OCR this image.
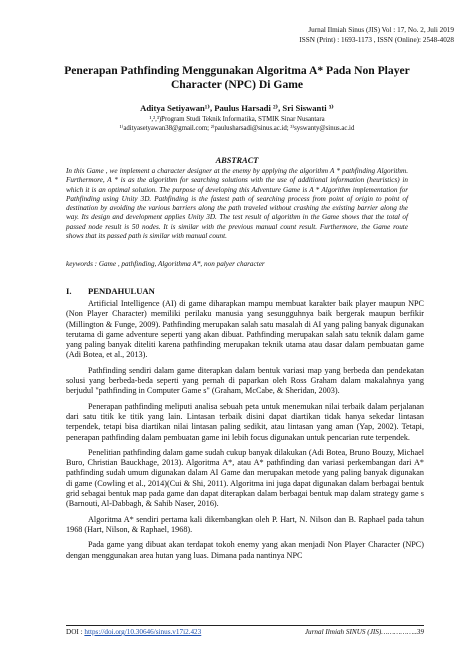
Jurnal Ilmiah Sinus (JIS) Vol : 17, No. 2, Juli 2019
ISSN (Print) : 1693-1173 , ISSN (Online): 2548-4028
Penerapan Pathfinding Menggunakan Algoritma A* Pada Non Player
Character (NPC) Di Game
Aditya Setiyawan¹⁾, Paulus Harsadi ²⁾, Sri Siswanti ³⁾
¹,²,³)Program Studi Teknik Informatika, STMIK Sinar Nusantara
¹⁾adityasetyawan38@gmail.com; ²⁾paulusharsadi@sinus.ac.id; ³⁾syswanty@sinus.ac.id
ABSTRACT
In this Game , we implement a character designer at the enemy by applying the algorithm A * pathfinding Algorithm. Furthermore, A * is as the algorithm for searching solutions with the use of additional information (heuristics) in which it is an optimal solution. The purpose of developing this Adventure Game is A * Algorithm implementation for Pathfinding using Unity 3D. Pathfinding is the fastest path of searching process from point of origin to point of destination by avoiding the various barriers along the path traveled without crashing the existing barrier along the way. Its design and development applies Unity 3D. The test result of algorithm in the Game shows that the total of passed node result is 50 nodes. It is similar with the previous manual count result. Furthermore, the Game route shows that its passed path is similar with manual count.
keywords : Game , pathfinding, Algorithma A*, non palyer character
I. PENDAHULUAN

Artificial Intelligence (AI) di game diharapkan mampu membuat karakter baik player maupun NPC (Non Player Character) memiliki perilaku manusia yang sesungguhnya baik bergerak maupun berfikir (Millington & Funge, 2009). Pathfinding merupakan salah satu masalah di AI yang paling banyak digunakan terutama di game adventure seperti yang akan dibuat. Pathfinding merupakan salah satu teknik dalam game yang paling banyak diteliti karena pathfinding merupakan teknik utama atau dasar dalam pembuatan game (Adi Botea, et al., 2013).

Pathfinding sendiri dalam game diterapkan dalam bentuk variasi map yang berbeda dan pendekatan solusi yang berbeda-beda seperti yang pernah di paparkan oleh Ross Graham dalam makalahnya yang berjudul "pathfinding in Computer Game s" (Graham, McCabe, & Sheridan, 2003).

Penerapan pathfinding meliputi analisa sebuah peta untuk menemukan nilai terbaik dalam perjalanan dari satu titik ke titik yang lain. Lintasan terbaik disini dapat diartikan tidak hanya sekedar lintasan terpendek, tetapi bisa diartikan nilai lintasan paling sedikit, atau lintasan yang aman (Yap, 2002). Tetapi, penerapan pathfinding dalam pembuatan game ini lebih focus digunakan untuk pencarian rute terpendek.

Penelitian pathfinding dalam game sudah cukup banyak dilakukan (Adi Botea, Bruno Bouzy, Michael Buro, Christian Bauckhage, 2013). Algoritma A*, atau A* pathfinding dan variasi perkembangan dari A* pathfinding sudah umum digunakan dalam AI Game dan merupakan metode yang paling banyak digunakan di game (Cowling et al., 2014)(Cui & Shi, 2011). Algoritma ini juga dapat digunakan dalam berbagai bentuk grid sebagai bentuk map pada game dan dapat diterapkan dalam berbagai bentuk map dalam strategy game s (Barnouti, Al-Dabbagh, & Sahib Naser, 2016).

Algoritma A* sendiri pertama kali dikembangkan oleh P. Hart, N. Nilson dan B. Raphael pada tahun 1968 (Hart, Nilson, & Raphael, 1968).

Pada game yang dibuat akan terdapat tokoh enemy yang akan menjadi Non Player Character (NPC) dengan menggunakan area hutan yang luas. Dimana pada nantinya NPC

DOI : https://doi.org/10.30646/sinus.v17i2.423	Jurnal Ilmiah SINUS (JIS)……………..39
